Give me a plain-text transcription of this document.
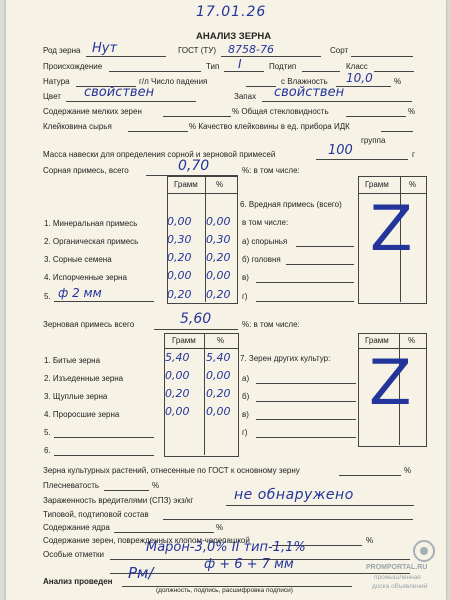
17.01.26
АНАЛИЗ ЗЕРНА
Род зерна Нут	ГОСТ (ТУ) 8758-76	Сорт
Происхождение	Тип I	Подтип	Класс
Натура	г/л Число падения	с Влажность 10,0	%
Цвет свойствен	Запах свойствен
Содержание мелких зерен	% Общая стекловидность	%
Клейковина сырья	% Качество клейковины в ед. прибора ИДК
группа
Масса навески для определения сорной и зерновой примесей	100	г
Сорная примесь, всего	0,70	%: в том числе:
Грамм %
1. Минеральная примесь	0,00 0,00
2. Органическая примесь	0,30 0,30
3. Сорные семена	0,20 0,20
4. Испорченные зерна	0,00 0,00
5. ф 2 мм	0,20 0,20
6. Вредная примесь (всего)
в том числе:
а) спорынья
б) головня
в)
г)
Грамм	%
Z
Зерновая примесь всего	5,60	%: в том числе:
Грамм	%
1. Битые зерна	5,40 5,40
2. Изъеденные зерна	0,00 0,00
3. Щуплые зерна	0,20 0,20
4. Проросшие зерна	0,00 0,00
5.
6.
7. Зерен других культур:
а)
б)
в)
г)
Грамм %
Z
Зерна культурных растений, отнесенные по ГОСТ к основному зерну	%
Плесневатость	%
Зараженность вредителями (СПЗ) экз/кг	не обнаружено
Типовой, подтиповой состав
Содержание ядра	%
Содержание зерен, поврежденных клопом-черепашкой	%
Особые отметки	Марон-3,0% II тип-1,1%
ф + 6 + 7 мм
Анализ проведен Рм/
(должность, подпись, расшифровка подписи)
PROMPORTAL.RU
промышленная
доска объявлений
